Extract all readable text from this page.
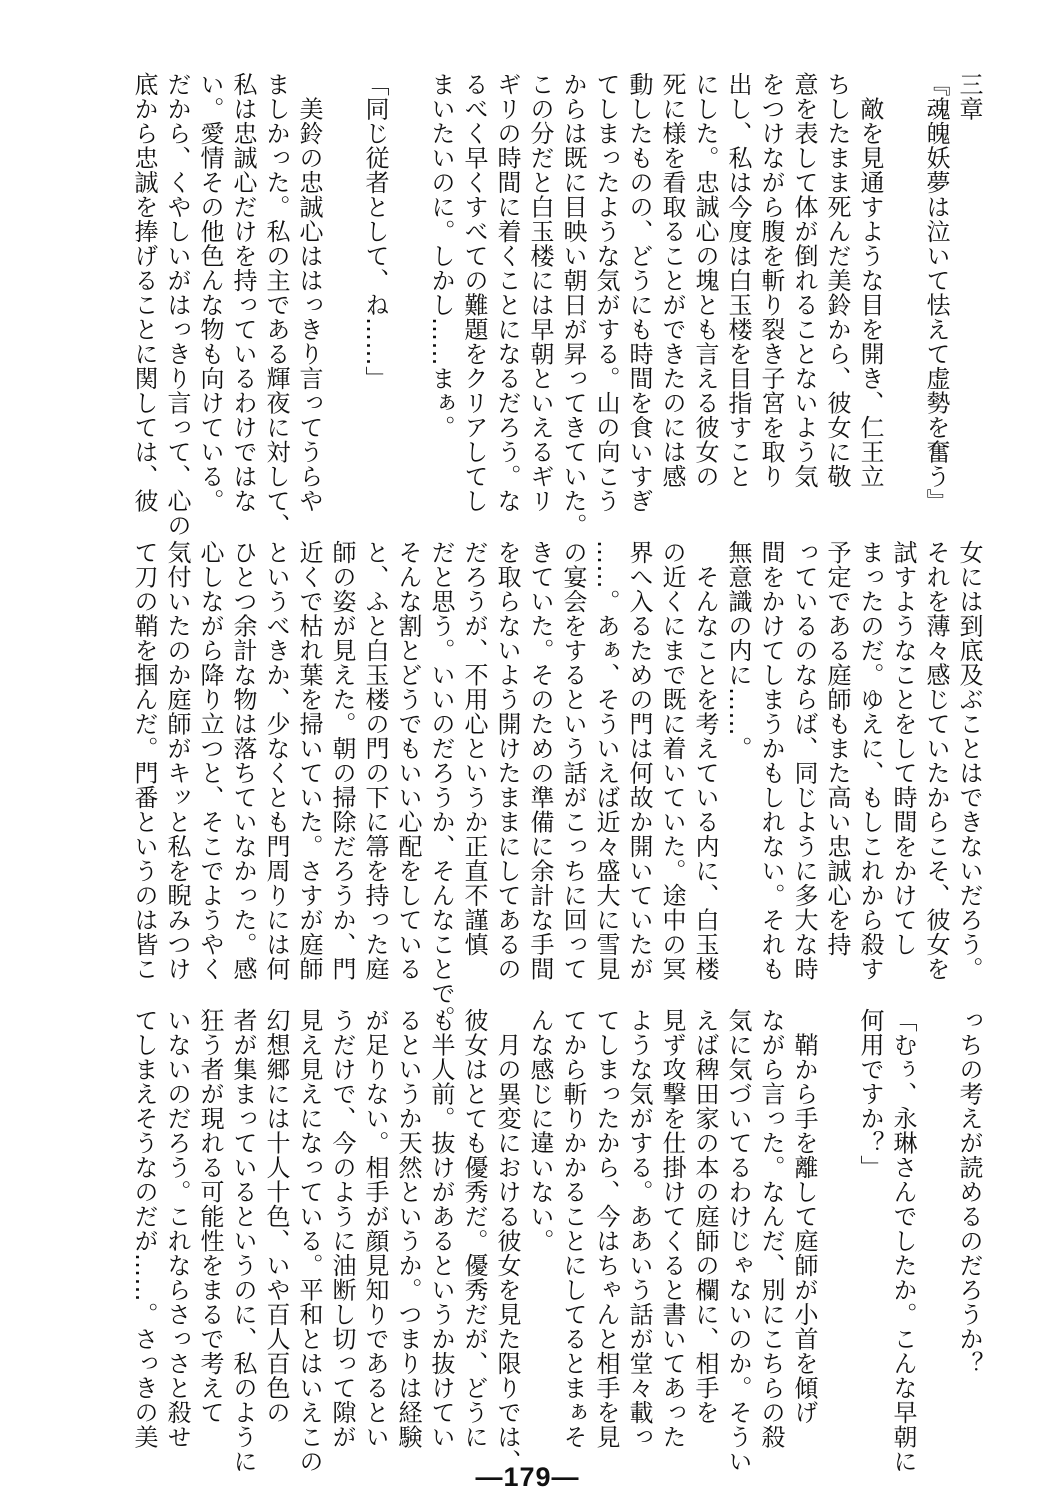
三章
『魂魄妖夢は泣いて怯えて虚勢を奮う』
　敵を見通すような目を開き、仁王立
ちしたまま死んだ美鈴から、彼女に敬
意を表して体が倒れることないよう気
をつけながら腹を斬り裂き子宮を取り
出し、私は今度は白玉楼を目指すこと
にした。忠誠心の塊とも言える彼女の
死に様を看取ることができたのには感
動したものの、どうにも時間を食いすぎ
てしまったような気がする。山の向こう
からは既に目映い朝日が昇ってきていた。
この分だと白玉楼には早朝といえるギリ
ギリの時間に着くことになるだろう。な
るべく早くすべての難題をクリアしてし
まいたいのに。しかし……まぁ。
「同じ従者として、ね……」
　美鈴の忠誠心ははっきり言ってうらや
ましかった。私の主である輝夜に対して、
私は忠誠心だけを持っているわけではな
い。愛情その他色んな物も向けている。
だから、くやしいがはっきり言って、心の
底から忠誠を捧げることに関しては、彼
女には到底及ぶことはできないだろう。
それを薄々感じていたからこそ、彼女を
試すようなことをして時間をかけてし
まったのだ。ゆえに、もしこれから殺す
予定である庭師もまた高い忠誠心を持
っているのならば、同じように多大な時
間をかけてしまうかもしれない。それも
無意識の内に……。
　そんなことを考えている内に、白玉楼
の近くにまで既に着いていた。途中の冥
界へ入るための門は何故か開いていたが
……。あぁ、そういえば近々盛大に雪見
の宴会をするという話がこっちに回って
きていた。そのための準備に余計な手間
を取らないよう開けたままにしてあるの
だろうが、不用心というか正直不謹慎
だと思う。いいのだろうか、そんなことで。
そんな割とどうでもいい心配をしている
と、ふと白玉楼の門の下に箒を持った庭
師の姿が見えた。朝の掃除だろうか、門
近くで枯れ葉を掃いていた。さすが庭師
というべきか、少なくとも門周りには何
ひとつ余計な物は落ちていなかった。感
心しながら降り立つと、そこでようやく
気付いたのか庭師がキッと私を睨みつけ
て刀の鞘を掴んだ。門番というのは皆こ
っちの考えが読めるのだろうか？
「むぅ、永琳さんでしたか。こんな早朝に
何用ですか？」
　鞘から手を離して庭師が小首を傾げ
ながら言った。なんだ、別にこちらの殺
気に気づいてるわけじゃないのか。そうい
えば稗田家の本の庭師の欄に、相手を
見ず攻撃を仕掛けてくると書いてあった
ような気がする。ああいう話が堂々載っ
てしまったから、今はちゃんと相手を見
てから斬りかかることにしてるとまぁそ
んな感じに違いない。
　月の異変における彼女を見た限りでは、
彼女はとても優秀だ。優秀だが、どうに
も半人前。抜けがあるというか抜けてい
るというか天然というか。つまりは経験
が足りない。相手が顔見知りであるとい
うだけで、今のように油断し切って隙が
見え見えになっている。平和とはいえこの
幻想郷には十人十色、いや百人百色の
者が集まっているというのに、私のように
狂う者が現れる可能性をまるで考えて
いないのだろう。これならさっさと殺せ
てしまえそうなのだが……。さっきの美
—179—
